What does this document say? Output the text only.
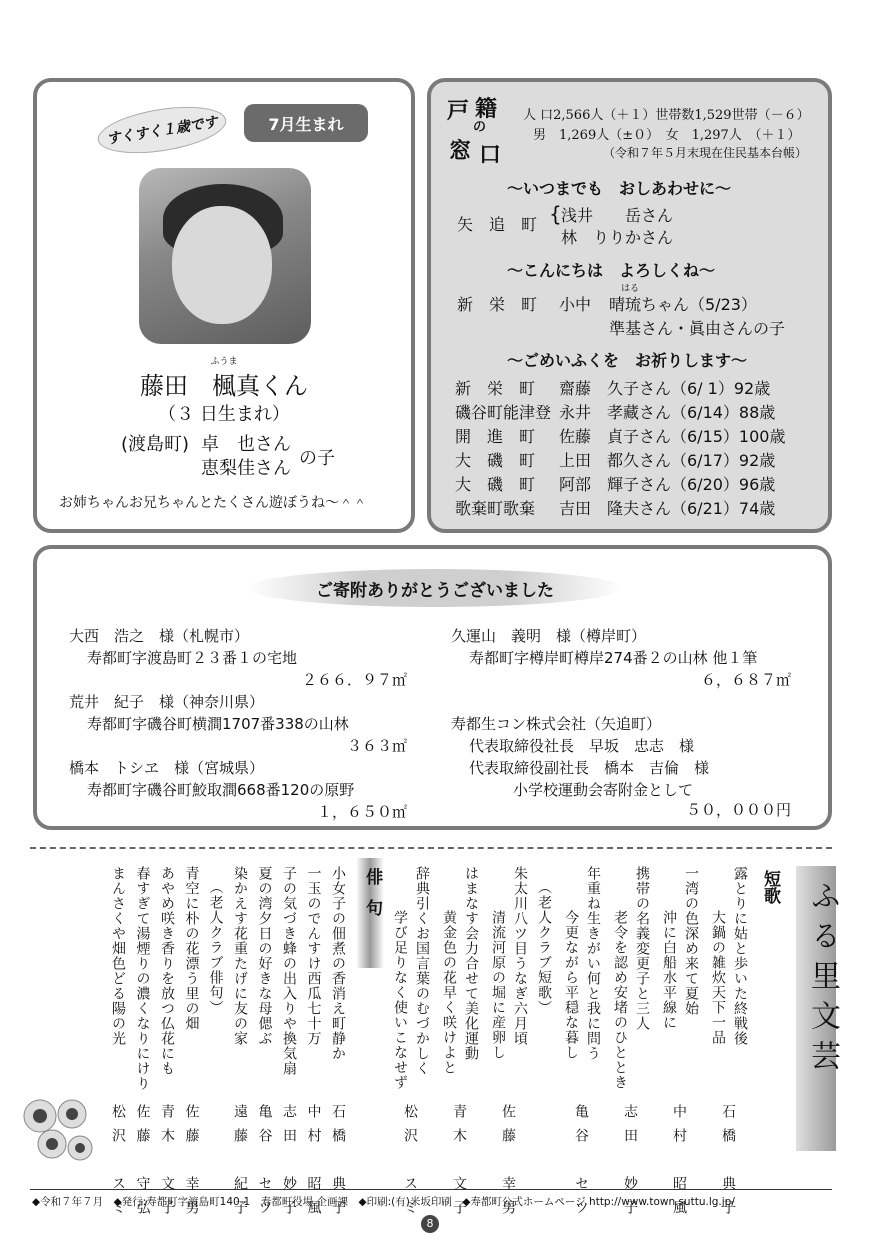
すくすく１歳です	7月生まれ
ふうま
藤田　楓真くん
（３ 日生まれ）
(渡島町) 卓　也さん
恵梨佳さん の子
お姉ちゃんお兄ちゃんとたくさん遊ぼうね～＾＾
戸 籍
の
窓 口
人 口2,566人（＋１）世帯数1,529世帯（－６）
男　1,269人（±０）　女　1,297人　（＋１）
（令和７年５月末現在住民基本台帳）
～いつまでも　おしあわせに～
矢　追　町 { 浅井　　岳さん
林　りりかさん
～こんにちは　よろしくね～
新　栄　町 小中
はる
晴琉ちゃん（5/23）
準基さん・眞由さんの子
～ごめいふくを　お祈りします～
新　栄　町 齋藤　久子さん（6/ 1）92歳
磯谷町能津登 永井　孝藏さん（6/14）88歳
開　進　町 佐藤　貞子さん（6/15）100歳
大　磯　町 上田　都久さん（6/17）92歳
大　磯　町 阿部　輝子さん（6/20）96歳
歌棄町歌棄 吉田　隆夫さん（6/21）74歳
ご寄附ありがとうございました
大西　浩之　様（札幌市）
寿都町字渡島町２３番１の宅地
２６６．９７㎡
荒井　紀子　様（神奈川県）
寿都町字磯谷町横澗1707番338の山林
３６３㎡
橋本　トシヱ　様（宮城県）
寿都町字磯谷町鮫取澗668番120の原野
１，６５０㎡
久運山　義明　様（樽岸町）
寿都町字樽岸町樽岸274番２の山林 他１筆
６，６８７㎡
寿都生コン株式会社（矢追町）
代表取締役社長　早坂　忠志　様
代表取締役副社長　橋本　吉倫　様
小学校運動会寄附金として
５０，０００円
ふる里文芸
短歌
俳句	露とりに姑と歩いた終戦後
大鍋の雑炊天下一品
石橋　典子
一湾の色深め来て夏始
沖に白船水平線に
中村　昭風
携帯の名義変更子と三人
老令を認め安堵のひととき
志田　妙子
年重ね生きがい何と我に問う
今更ながら平穏な暮し
亀谷　セツ
（老人クラブ短歌）
朱太川八ツ目うなぎ六月頃
清流河原の堀に産卵し
佐藤　幸男
はまなす会力合せて美化運動
黄金色の花早く咲けよと
青木　文子
辞典引くお国言葉のむづかしく
学び足りなく使いこなせず
松沢　スミ
小女子の佃煮の香消え町静か
石橋　典子
一玉のでんすけ西瓜七十万
中村　昭風
子の気づき蜂の出入りや換気扇
志田　妙子
夏の湾夕日の好きな母偲ぶ
亀谷　セツ
染かえす花重たげに友の家
遠藤　紀子
（老人クラブ俳句）
青空に朴の花漂う里の畑
佐藤　幸男
あやめ咲き香りを放つ仏花にも
青木　文子
春すぎて湯煙りの濃くなりにけり
佐藤　守弘
まんさくや畑色どる陽の光
松沢　スミ
◆令和７年７月　◆発行:寿都町字渡島町140-1　寿都町役場 企画課　◆印刷:(有)米坂印刷　◆寿都町公式ホームページ http://www.town.suttu.lg.jp/
8
